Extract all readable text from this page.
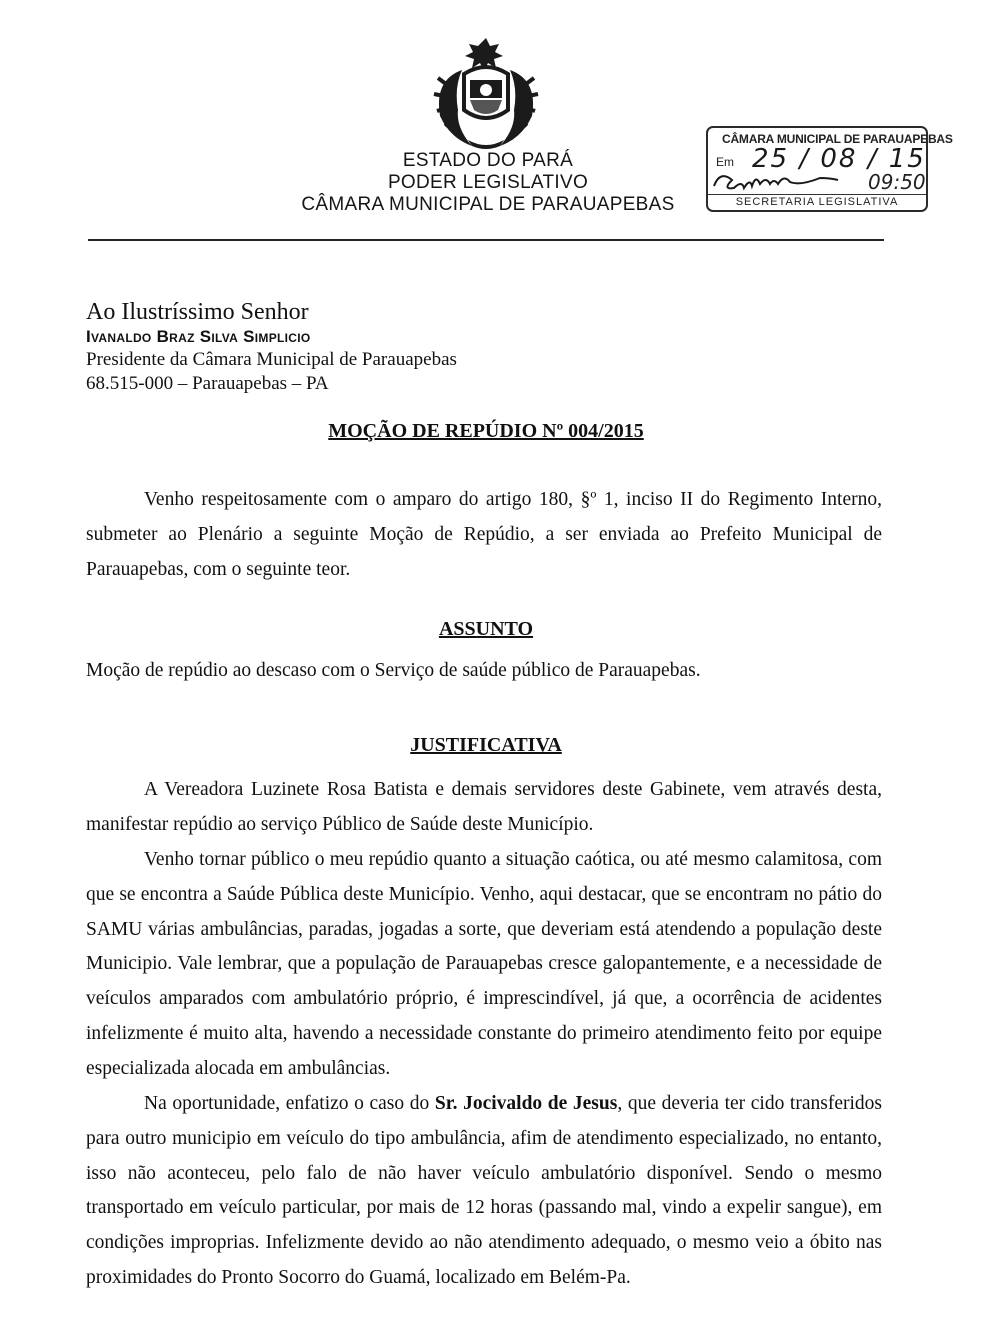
ESTADO DO PARÁ
PODER LEGISLATIVO
CÂMARA MUNICIPAL DE PARAUAPEBAS
CÂMARA MUNICIPAL DE PARAUAPEBAS
Em 25 / 08 / 15
09:50
SECRETARIA LEGISLATIVA
Ao Ilustríssimo Senhor
Ivanaldo Braz Silva Simplicio
Presidente da Câmara Municipal de Parauapebas
68.515-000 – Parauapebas – PA
MOÇÃO DE REPÚDIO Nº 004/2015
Venho respeitosamente com o amparo do artigo 180, §º 1, inciso II do Regimento Interno, submeter ao Plenário a seguinte Moção de Repúdio, a ser enviada ao Prefeito Municipal de Parauapebas, com o seguinte teor.
ASSUNTO
Moção de repúdio ao descaso com o Serviço de saúde público de Parauapebas.
JUSTIFICATIVA
A Vereadora Luzinete Rosa Batista e demais servidores deste Gabinete, vem através desta, manifestar repúdio ao serviço Público de Saúde deste Município.
Venho tornar público o meu repúdio quanto a situação caótica, ou até mesmo calamitosa, com que se encontra a Saúde Pública deste Município. Venho, aqui destacar, que se encontram no pátio do SAMU várias ambulâncias, paradas, jogadas a sorte, que deveriam está atendendo a população deste Municipio. Vale lembrar, que a população de Parauapebas cresce galopantemente, e a necessidade de veículos amparados com ambulatório próprio, é imprescindível, já que, a ocorrência de acidentes infelizmente é muito alta, havendo a necessidade constante do primeiro atendimento feito por equipe especializada alocada em ambulâncias.
Na oportunidade, enfatizo o caso do Sr. Jocivaldo de Jesus, que deveria ter cido transferidos para outro municipio em veículo do tipo ambulância, afim de atendimento especializado, no entanto, isso não aconteceu, pelo falo de não haver veículo ambulatório disponível. Sendo o mesmo transportado em veículo particular, por mais de 12 horas (passando mal, vindo a expelir sangue), em condições improprias. Infelizmente devido ao não atendimento adequado, o mesmo veio a óbito nas proximidades do Pronto Socorro do Guamá, localizado em Belém-Pa.
